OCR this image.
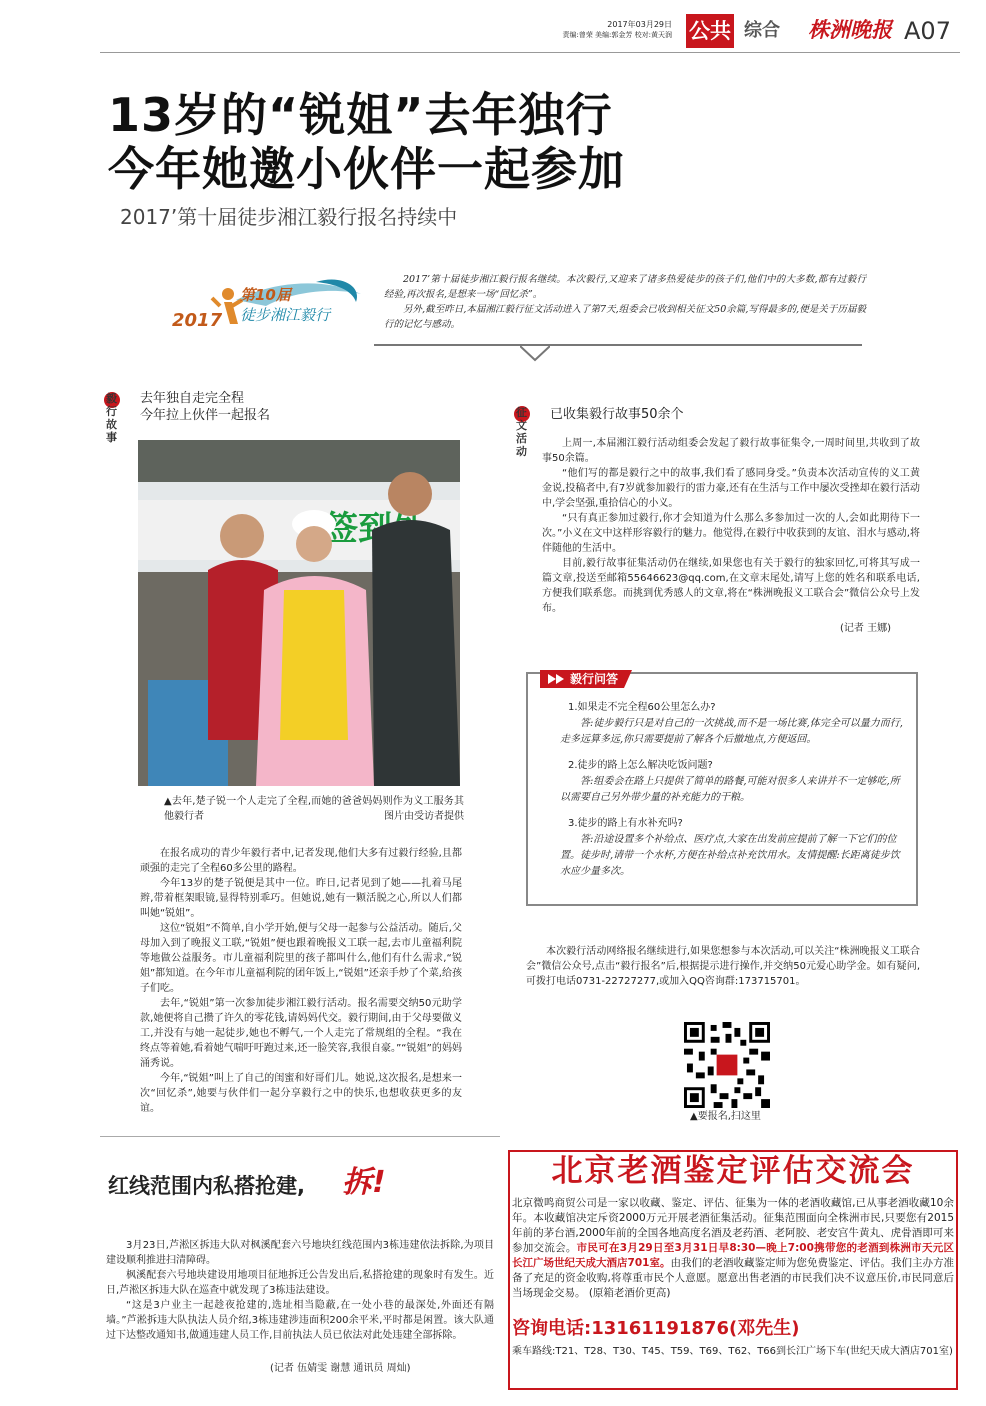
2017年03月29日
责编:曾荣 美编:郭金芳 校对:黄天润 公共 综合 株洲晚报 A07
13岁的“锐姐”去年独行
今年她邀小伙伴一起参加
2017’第十届徒步湘江毅行报名持续中
2017
第10届
徒步湘江毅行

2017’第十届徒步湘江毅行报名继续。本次毅行,又迎来了诸多热爱徒步的孩子们,他们中的大多数,都有过毅行经验,再次报名,是想来一场“回忆杀”。

另外,截至昨日,本届湘江毅行征文活动进入了第7天,组委会已收到相关征文50余篇,写得最多的,便是关于历届毅行的记忆与感动。

毅行故事
去年独自走完全程
今年拉上伙伴一起报名
▲去年,楚子锐一个人走完了全程,而她的爸爸妈妈则作为义工服务其他毅行者	图片由受访者提供

在报名成功的青少年毅行者中,记者发现,他们大多有过毅行经验,且都顽强的走完了全程60多公里的路程。

今年13岁的楚子锐便是其中一位。昨日,记者见到了她——扎着马尾辫,带着框架眼镜,显得特别乖巧。但她说,她有一颗活脱之心,所以人们都叫她“锐姐”。

这位“锐姐”不简单,自小学开始,便与父母一起参与公益活动。随后,父母加入到了晚报义工联,“锐姐”便也跟着晚报义工联一起,去市儿童福利院等地做公益服务。市儿童福利院里的孩子都叫什么,他们有什么需求,“锐姐”都知道。在今年市儿童福利院的团年饭上,“锐姐”还亲手炒了个菜,给孩子们吃。

去年,“锐姐”第一次参加徒步湘江毅行活动。报名需要交纳50元助学款,她便将自己攒了许久的零花钱,请妈妈代交。毅行期间,由于父母要做义工,并没有与她一起徒步,她也不孵气,一个人走完了常规组的全程。“我在终点等着她,看着她气喘吁吁跑过来,还一脸笑容,我很自豪。”“锐姐”的妈妈涌秀说。

今年,“锐姐”叫上了自己的闺蜜和好哥们儿。她说,这次报名,是想来一次“回忆杀”,她要与伙伴们一起分享毅行之中的快乐,也想收获更多的友谊。

征文活动
已收集毅行故事50余个

上周一,本届湘江毅行活动组委会发起了毅行故事征集令,一周时间里,共收到了故事50余篇。

“他们写的都是毅行之中的故事,我们看了感同身受。”负责本次活动宣传的义工黄金说,投稿者中,有7岁就参加毅行的雷力豪,还有在生活与工作中屡次受挫却在毅行活动中,学会坚强,重拾信心的小义。

“只有真正参加过毅行,你才会知道为什么那么多参加过一次的人,会如此期待下一次。”小义在文中这样形容毅行的魅力。他觉得,在毅行中收获到的友谊、泪水与感动,将伴随他的生活中。

目前,毅行故事征集活动仍在继续,如果您也有关于毅行的独家回忆,可将其写成一篇文章,投送至邮箱55646623@qq.com,在文章末尾处,请写上您的姓名和联系电话,方便我们联系您。而挑到优秀感人的文章,将在“株洲晚报义工联合会”微信公众号上发布。

(记者 王娜)
毅行问答

1.如果走不完全程60公里怎么办?

答:徒步毅行只是对自己的一次挑战,而不是一场比赛,体完全可以量力而行,走多远算多远,你只需要提前了解各个后撤地点,方便返回。

2.徒步的路上怎么解决吃饭问题?

答:组委会在路上只提供了简单的路餐,可能对很多人来讲并不一定够吃,所以需要自己另外带少量的补充能力的干粮。

3.徒步的路上有水补充吗?

答:沿途设置多个补给点、医疗点,大家在出发前应提前了解一下它们的位置。徒步时,请带一个水杯,方便在补给点补充饮用水。友情提醒:长距离徒步饮水应少量多次。

本次毅行活动网络报名继续进行,如果您想参与本次活动,可以关注“株洲晚报义工联合会”微信公众号,点击“毅行报名”后,根据提示进行操作,并交纳50元爱心助学金。如有疑问,可拨打电话0731-22727277,或加入QQ咨询群:173715701。

▲要报名,扫这里
红线范围内私搭抢建, 拆!

3月23日,芦淞区拆违大队对枫溪配套六号地块红线范围内3栋违建依法拆除,为项目建设顺利推进扫清障碍。

枫溪配套六号地块建设用地项目征地拆迁公告发出后,私搭抢建的现象时有发生。近日,芦淞区拆违大队在巡查中就发现了3栋违法建设。

“这是3户业主一起趁夜抢建的,选址相当隐蔽,在一处小巷的最深处,外面还有隔墙。”芦淞拆违大队执法人员介绍,3栋违建涉违面积200余平米,平时都是闲置。该大队通过下达整改通知书,做通违建人员工作,目前执法人员已依法对此处违建全部拆除。

(记者 伍婧雯 谢慧 通讯员 周灿)
北京老酒鉴定评估交流会
北京微鸣商贸公司是一家以收藏、鉴定、评估、征集为一体的老酒收藏馆,已从事老酒收藏10余年。本收藏馆决定斥资2000万元开展老酒征集活动。征集范围面向全株洲市民,只要您有2015年前的茅台酒,2000年前的全国各地高度名酒及老药酒、老阿胶、老安宫牛黄丸、虎骨酒即可来参加交流会。市民可在3月29日至3月31日早8:30—晚上7:00携带您的老酒到株洲市天元区长江广场世纪天成大酒店701室。由我们的老酒收藏鉴定师为您免费鉴定、评估。我们主办方准备了充足的资金收购,将尊重市民个人意愿。愿意出售老酒的市民我们决不议意压价,市民同意后当场现金交易。 (原箱老酒价更高)
咨询电话:13161191876(邓先生)
乘车路线:T21、T28、T30、T45、T59、T69、T62、T66到长江广场下车(世纪天成大酒店701室)
